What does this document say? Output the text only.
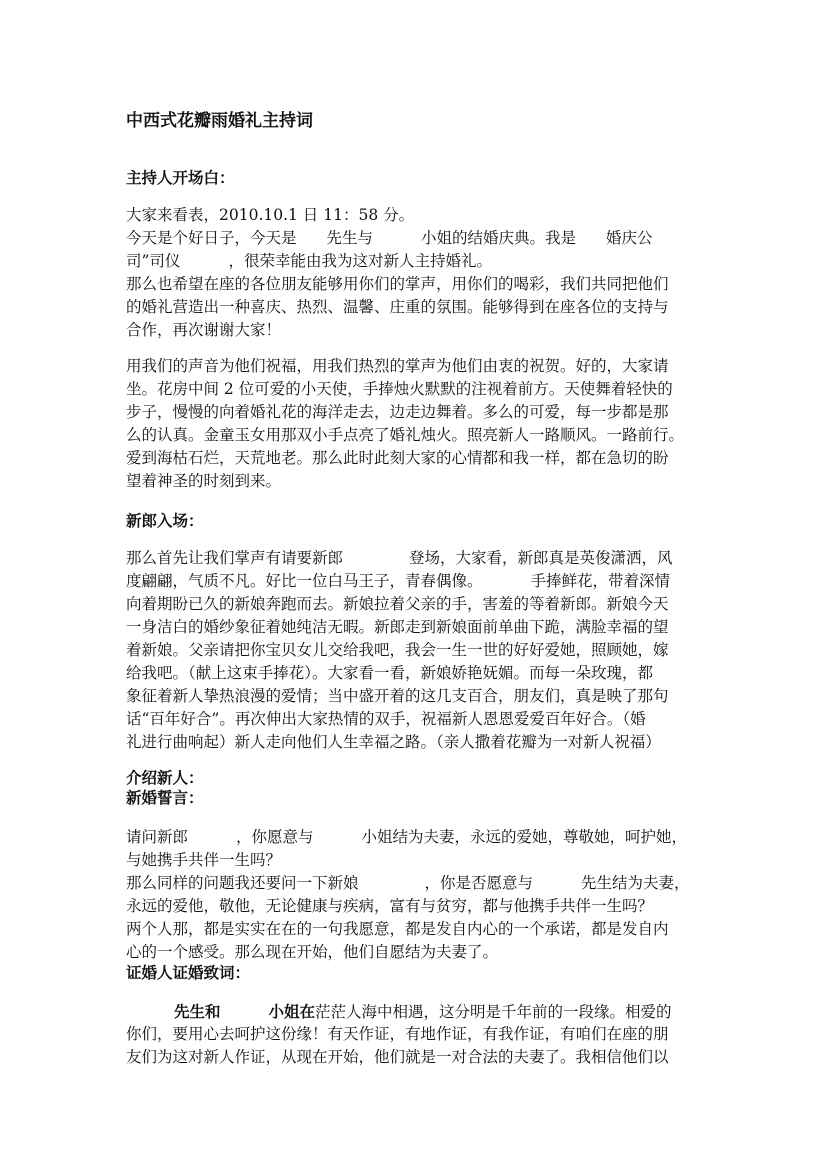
中西式花瓣雨婚礼主持词
主持人开场白：
大家来看表，2010.10.1 日 11：58 分。
今天是个好日子，今天是 先生与	小姐的结婚庆典。我是 婚庆公
司”司仪	，很荣幸能由我为这对新人主持婚礼。
那么也希望在座的各位朋友能够用你们的掌声，用你们的喝彩，我们共同把他们
的婚礼营造出一种喜庆、热烈、温馨、庄重的氛围。能够得到在座各位的支持与
合作，再次谢谢大家！
用我们的声音为他们祝福，用我们热烈的掌声为他们由衷的祝贺。好的，大家请
坐。花房中间 2 位可爱的小天使，手捧烛火默默的注视着前方。天使舞着轻快的
步子，慢慢的向着婚礼花的海洋走去，边走边舞着。多么的可爱，每一步都是那
么的认真。金童玉女用那双小手点亮了婚礼烛火。照亮新人一路顺风。一路前行。
爱到海枯石烂，天荒地老。那么此时此刻大家的心情都和我一样，都在急切的盼
望着神圣的时刻到来。
新郎入场：
那么首先让我们掌声有请要新郎	登场，大家看，新郎真是英俊潇洒，风
度翩翩，气质不凡。好比一位白马王子，青春偶像。	手捧鲜花，带着深情
向着期盼已久的新娘奔跑而去。新娘拉着父亲的手，害羞的等着新郎。新娘今天
一身洁白的婚纱象征着她纯洁无暇。新郎走到新娘面前单曲下跪，满脸幸福的望
着新娘。父亲请把你宝贝女儿交给我吧，我会一生一世的好好爱她，照顾她，嫁
给我吧。（献上这束手捧花）。大家看一看，新娘娇艳妩媚。而每一朵玫瑰，都
象征着新人挚热浪漫的爱情；当中盛开着的这几支百合，朋友们，真是映了那句
话“百年好合”。再次伸出大家热情的双手，祝福新人恩恩爱爱百年好合。（婚
礼进行曲响起）新人走向他们人生幸福之路。（亲人撒着花瓣为一对新人祝福）
介绍新人：
新婚誓言：
请问新郎	，你愿意与	小姐结为夫妻，永远的爱她，尊敬她，呵护她，
与她携手共伴一生吗？
那么同样的问题我还要问一下新娘	，你是否愿意与	先生结为夫妻，
永远的爱他，敬他，无论健康与疾病，富有与贫穷，都与他携手共伴一生吗？
两个人那，都是实实在在的一句我愿意，都是发自内心的一个承诺，都是发自内
心的一个感受。那么现在开始，他们自愿结为夫妻了。
证婚人证婚致词：
先生和	小姐在茫茫人海中相遇，这分明是千年前的一段缘。相爱的
你们，要用心去呵护这份缘！有天作证，有地作证，有我作证，有咱们在座的朋
友们为这对新人作证，从现在开始，他们就是一对合法的夫妻了。我相信他们以
